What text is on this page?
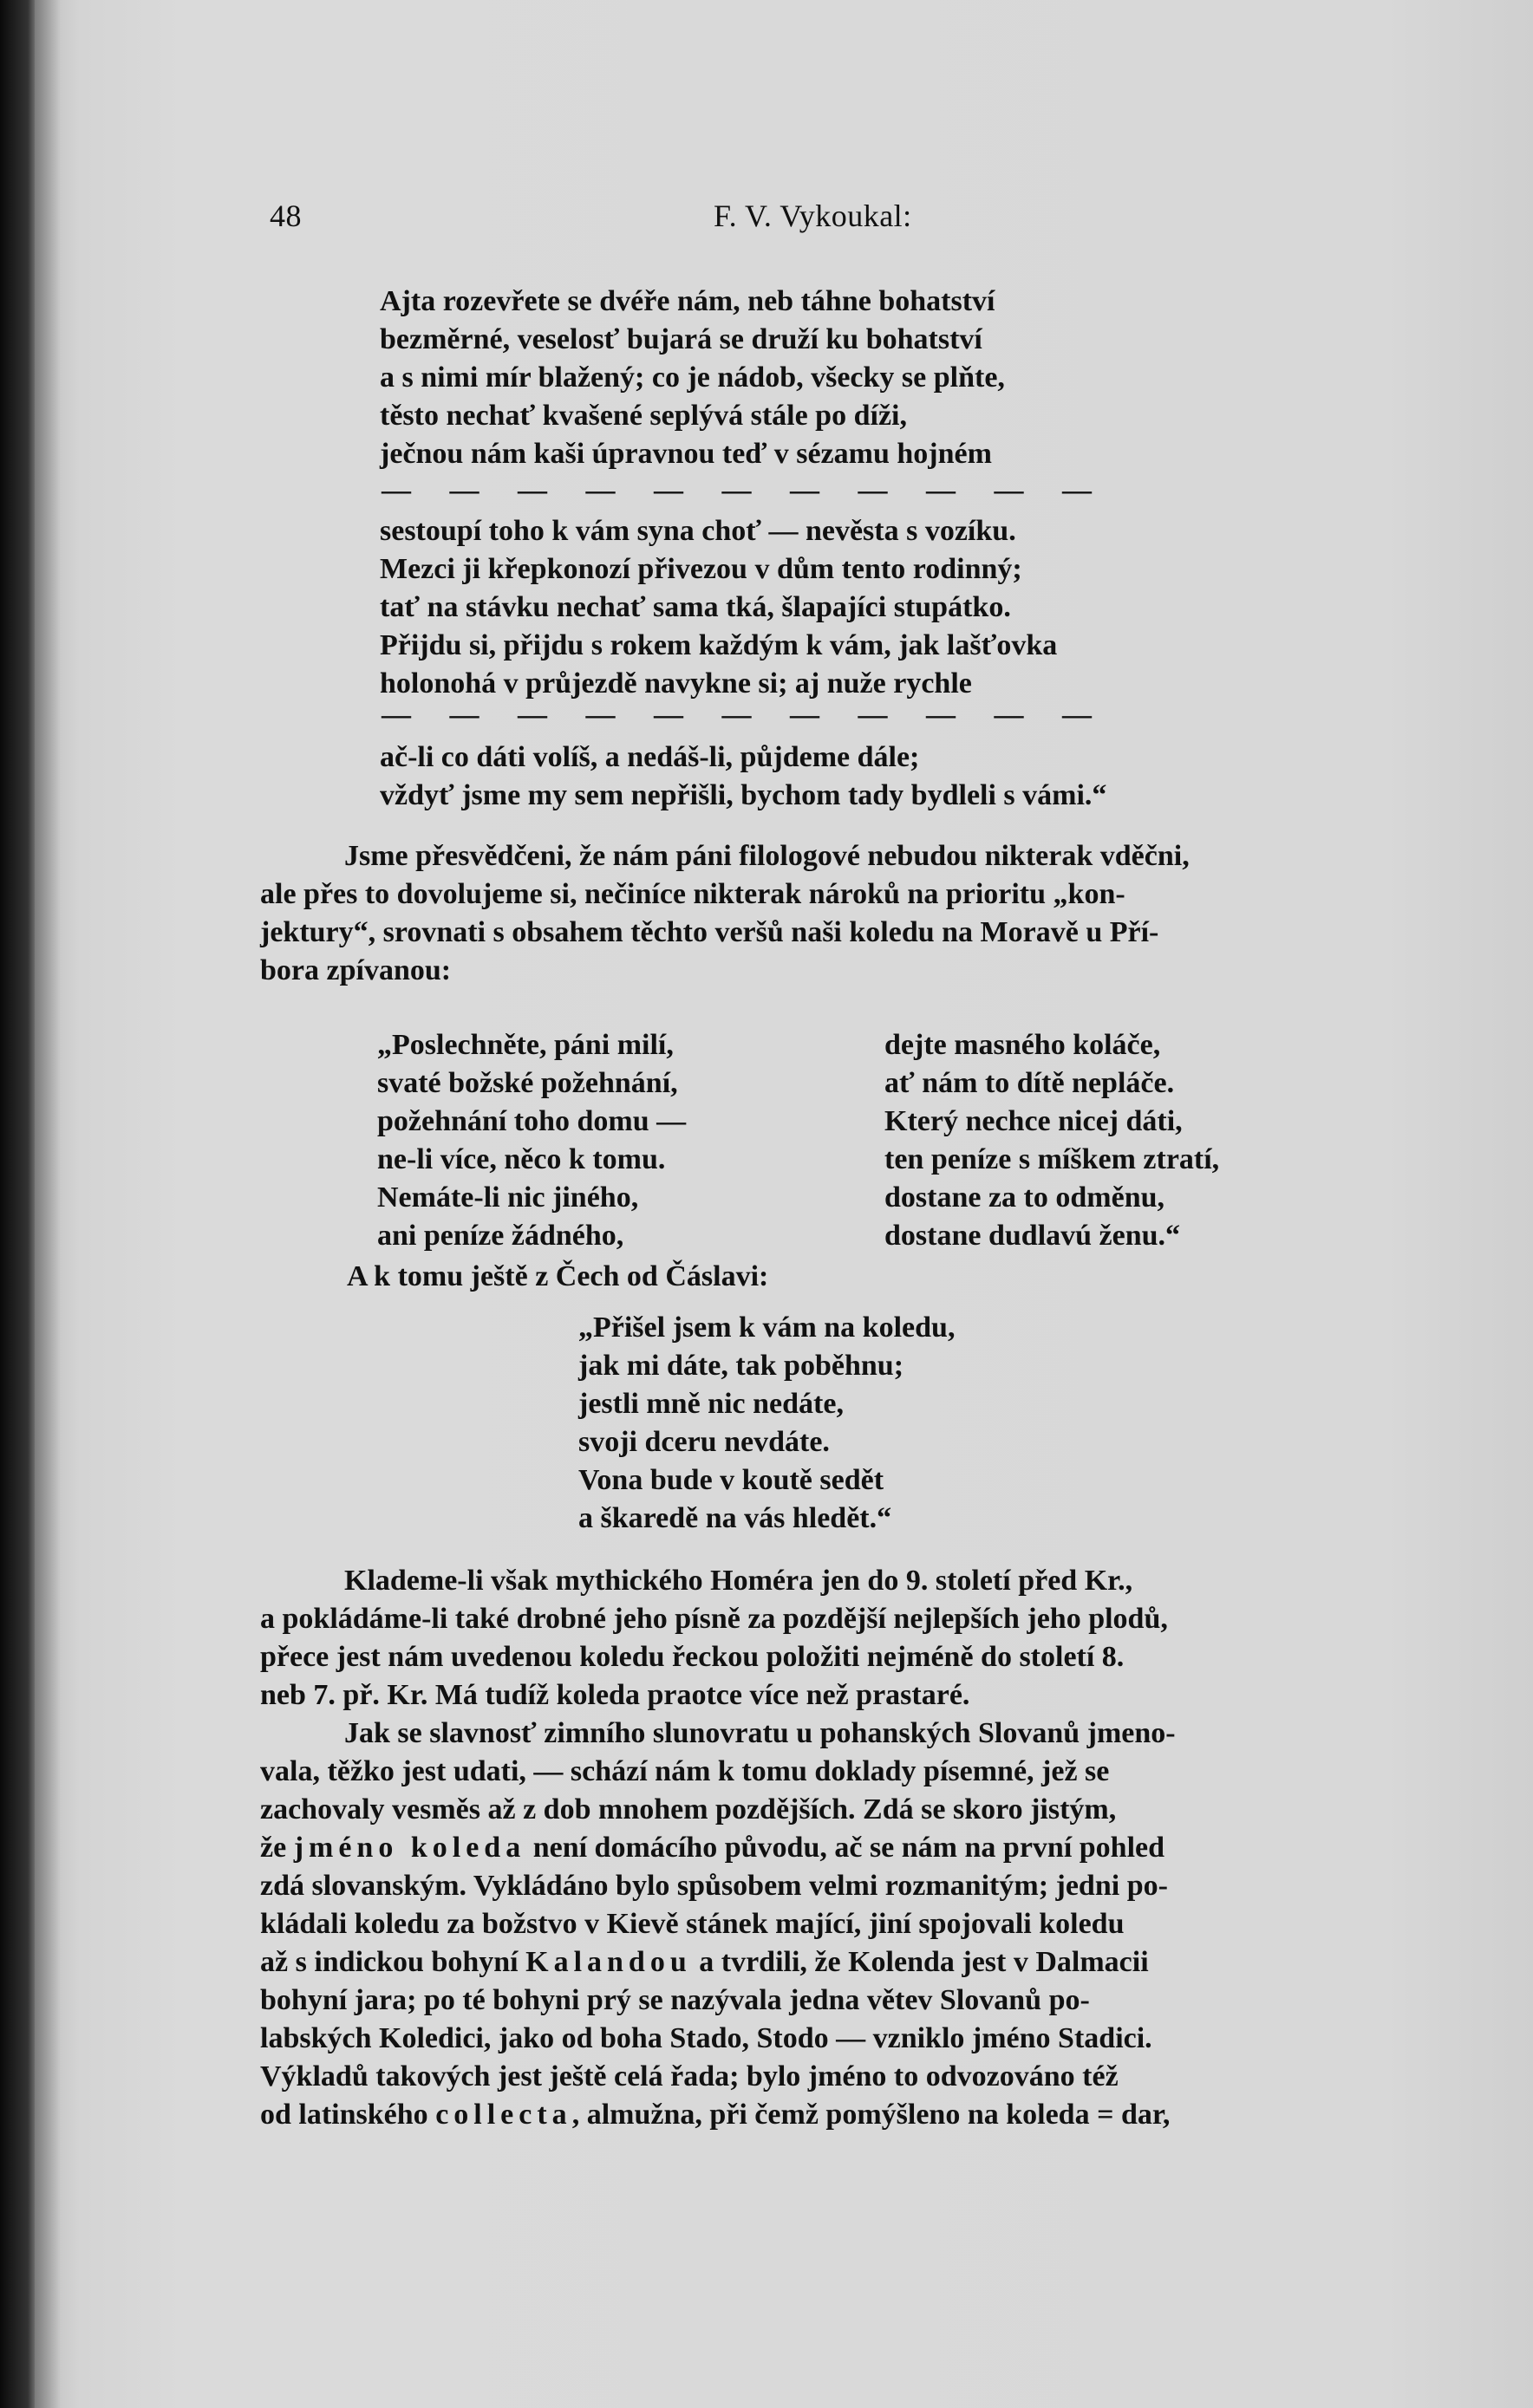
48	F. V. Vykoukal:
Ajta rozevřete se dvéře nám, neb táhne bohatství
bezměrné, veselosť bujará se druží ku bohatství
a s nimi mír blažený; co je nádob, všecky se plňte,
těsto nechať kvašené seplývá stále po díži,
ječnou nám kaši úpravnou teď v sézamu hojném
— — — — — — — — — — —
sestoupí toho k vám syna choť — nevěsta s vozíku.
Mezci ji křepkonozí přivezou v dům tento rodinný;
tať na stávku nechať sama tká, šlapajíci stupátko.
Přijdu si, přijdu s rokem každým k vám, jak lašťovka
holonohá v průjezdě navykne si; aj nuže rychle
— — — — — — — — — — —
ač-li co dáti volíš, a nedáš-li, půjdeme dále;
vždyť jsme my sem nepřišli, bychom tady bydleli s vámi.“
Jsme přesvědčeni, že nám páni filologové nebudou nikterak vděčni,
ale přes to dovolujeme si, nečiníce nikterak nároků na prioritu „kon-
jektury“, srovnati s obsahem těchto veršů naši koledu na Moravě u Pří-
bora zpívanou:
„Poslechněte, páni milí,
svaté božské požehnání,
požehnání toho domu —
ne-li více, něco k tomu.
Nemáte-li nic jiného,
ani peníze žádného,
dejte masného koláče,
ať nám to dítě nepláče.
Který nechce nicej dáti,
ten peníze s míškem ztratí,
dostane za to odměnu,
dostane dudlavú ženu.“
A k tomu ještě z Čech od Čáslavi:
„Přišel jsem k vám na koledu,
jak mi dáte, tak poběhnu;
jestli mně nic nedáte,
svoji dceru nevdáte.
Vona bude v koutě sedět
a škaredě na vás hledět.“
Klademe-li však mythického Homéra jen do 9. století před Kr.,
a pokládáme-li také drobné jeho písně za pozdější nejlepších jeho plodů,
přece jest nám uvedenou koledu řeckou položiti nejméně do století 8.
neb 7. př. Kr. Má tudíž koleda praotce více než prastaré.
Jak se slavnosť zimního slunovratu u pohanských Slovanů jmeno-
vala, těžko jest udati, — schází nám k tomu doklady písemné, jež se
zachovaly vesměs až z dob mnohem pozdějších. Zdá se skoro jistým,
že jméno koleda není domácího původu, ač se nám na první pohled
zdá slovanským. Vykládáno bylo spůsobem velmi rozmanitým; jedni po-
kládali koledu za božstvo v Kievě stánek mající, jiní spojovali koledu
až s indickou bohyní Kalandou a tvrdili, že Kolenda jest v Dalmacii
bohyní jara; po té bohyni prý se nazývala jedna větev Slovanů po-
labských Koledici, jako od boha Stado, Stodo — vzniklo jméno Stadici.
Výkladů takových jest ještě celá řada; bylo jméno to odvozováno též
od latinského collecta, almužna, při čemž pomýšleno na koleda = dar,
